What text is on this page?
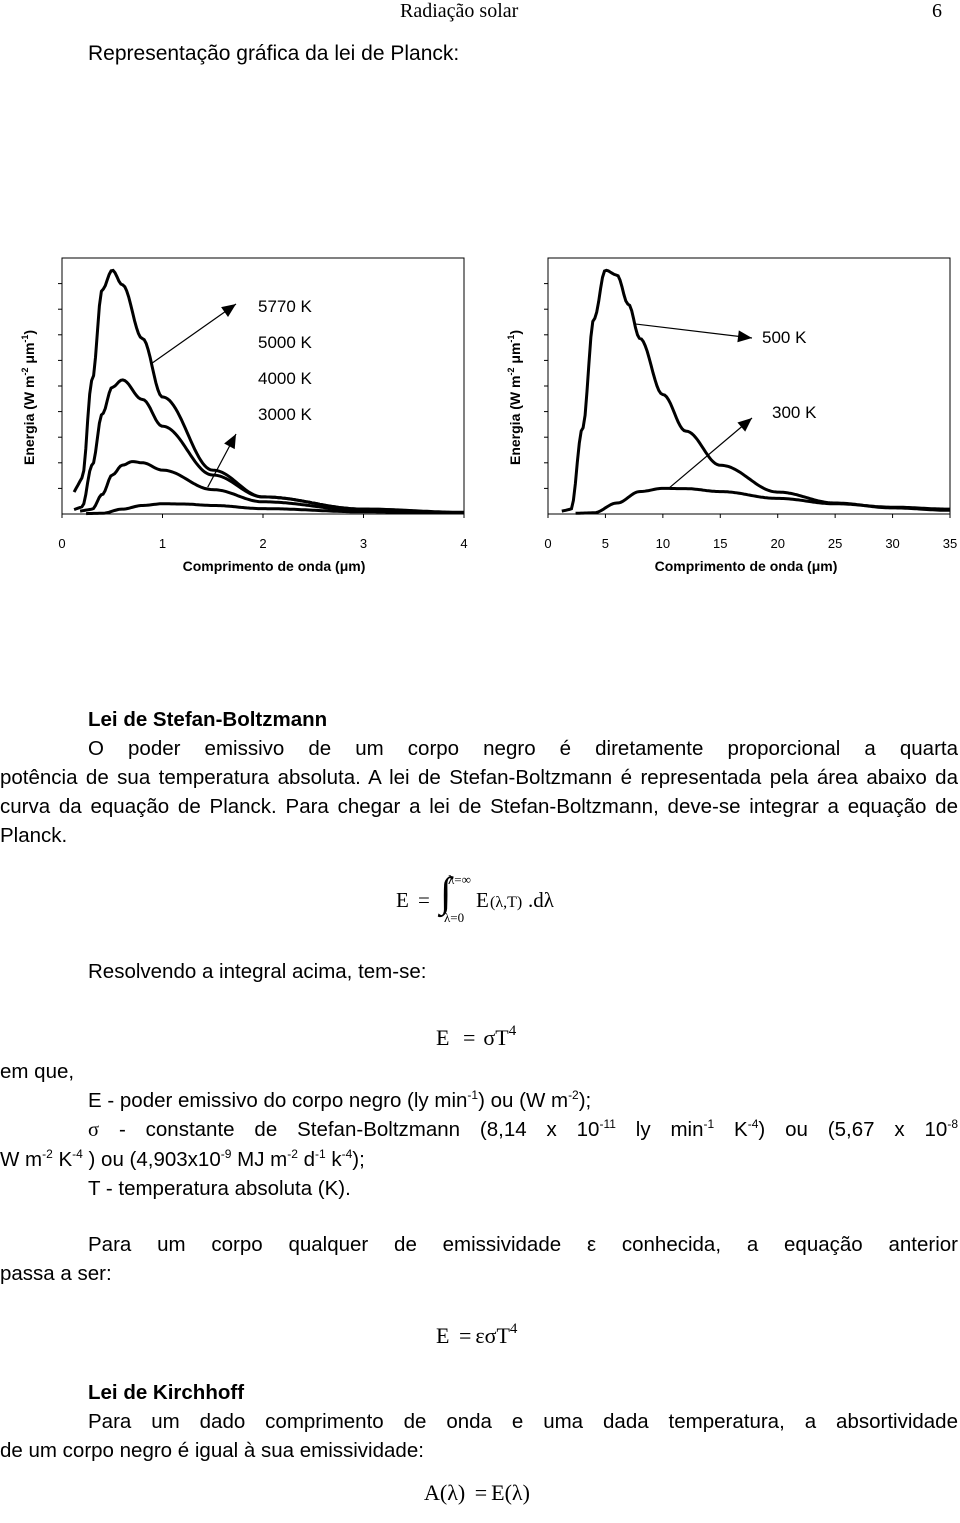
Radiação solar	6
Representação gráfica da lei de Planck:
Energia (W $m^{-2}$ $\mu m^{-1}$)
0	1	2	3	4
Comprimento de onda (μm)
5770 K
5000 K
4000 K
3000 K	Energia (W $m^{-2}$ $\mu m^{-1}$)
0	5	10	15	20	25	30	35
Comprimento de onda (μm)
500 K
300 K

Lei de Stefan-Boltzmann

O poder emissivo de um corpo negro é diretamente proporcional a quarta

potência de sua temperatura absoluta. A lei de Stefan-Boltzmann é representada pela área abaixo da curva da equação de Planck. Para chegar a lei de Stefan-Boltzmann, deve-se integrar a equação de Planck.

E = ∫
λ=∞
λ=0
E (λ,T) .dλ
Resolvendo a integral acima, tem-se:
$E = \sigma T^4$

em que,

E - poder emissivo do corpo negro (ly $\min^{-1}$) ou (W $m^{-2}$);

σ - constante de Stefan-Boltzmann (8,14 x $10^{-11}$ ly $\min^{-1} K^{-4}$) ou (5,67 x $10^{-8}$

W $m^{-2}$ $K^{-4}$ ) ou ($4,903x10^{-9}$ MJ $m^{-2}$ $d^{-1}$ $k^{-4}$);

T - temperatura absoluta (K).

Para um corpo qualquer de emissividade ε conhecida, a equação anterior

passa a ser:

E = εσT$^4$

Lei de Kirchhoff

Para um dado comprimento de onda e uma dada temperatura, a absortividade

de um corpo negro é igual à sua emissividade:

A(λ) = E(λ)
